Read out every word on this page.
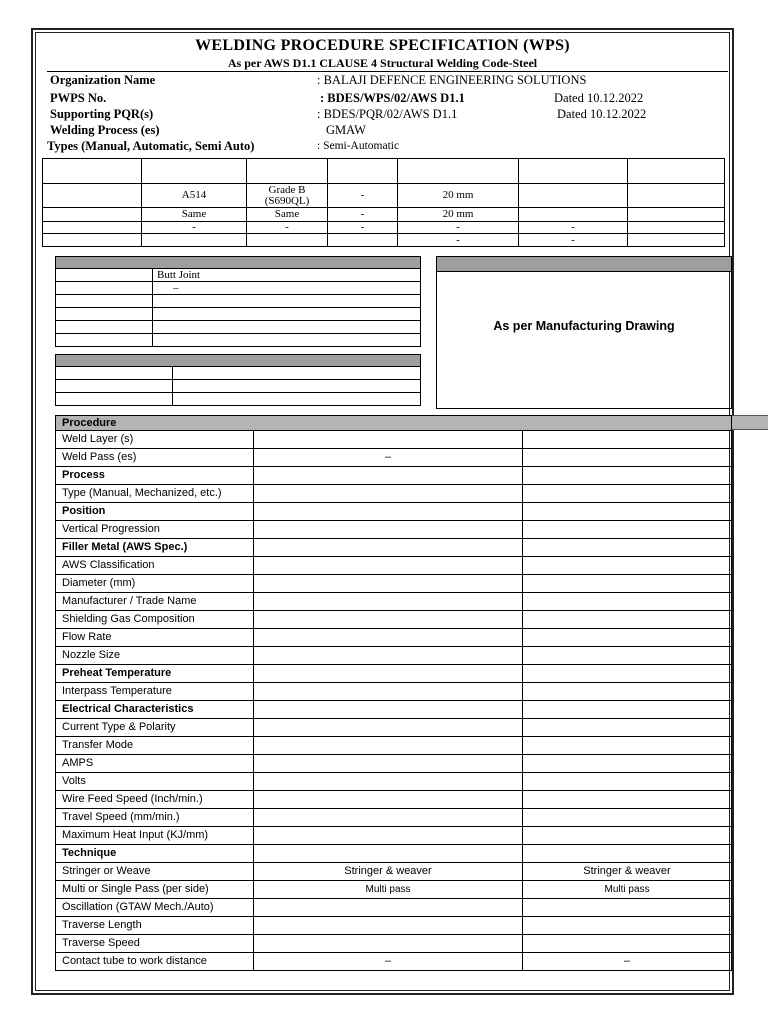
WELDING PROCEDURE SPECIFICATION (WPS)
As per AWS D1.1 CLAUSE 4 Structural Welding Code-Steel
Organization Name	: BALAJI DEFENCE ENGINEERING SOLUTIONS
PWPS No.	: BDES/WPS/02/AWS D1.1	Dated 10.12.2022
Supporting PQR(s)	: BDES/PQR/02/AWS D1.1	Dated 10.12.2022
Welding Process (es)	GMAW
Types (Manual, Automatic, Semi Auto)	: Semi-Automatic

	A514	Grade B (S690QL)	-	20 mm		
	Same	Same	-	20 mm		
	-	-	-	-	-	
				-	-	

	Butt Joint
	–

As per Manufacturing Drawing
Procedure		
Weld Layer (s)		
Weld Pass (es)	–	
Process		
Type (Manual, Mechanized, etc.)		
Position		
Vertical Progression		
Filler Metal (AWS Spec.)		
AWS Classification		
Diameter (mm)		
Manufacturer / Trade Name		
Shielding Gas Composition		
Flow Rate		
Nozzle Size		
Preheat Temperature		
Interpass Temperature		
Electrical Characteristics		
Current Type & Polarity		
Transfer Mode		
AMPS		
Volts		
Wire Feed Speed (Inch/min.)		
Travel Speed (mm/min.)		
Maximum Heat Input (KJ/mm)		
Technique		
Stringer or Weave	Stringer & weaver	Stringer & weaver
Multi or Single Pass (per side)	Multi pass	Multi pass
Oscillation (GTAW Mech./Auto)		
Traverse Length		
Traverse Speed		
Contact tube to work distance	–	–
